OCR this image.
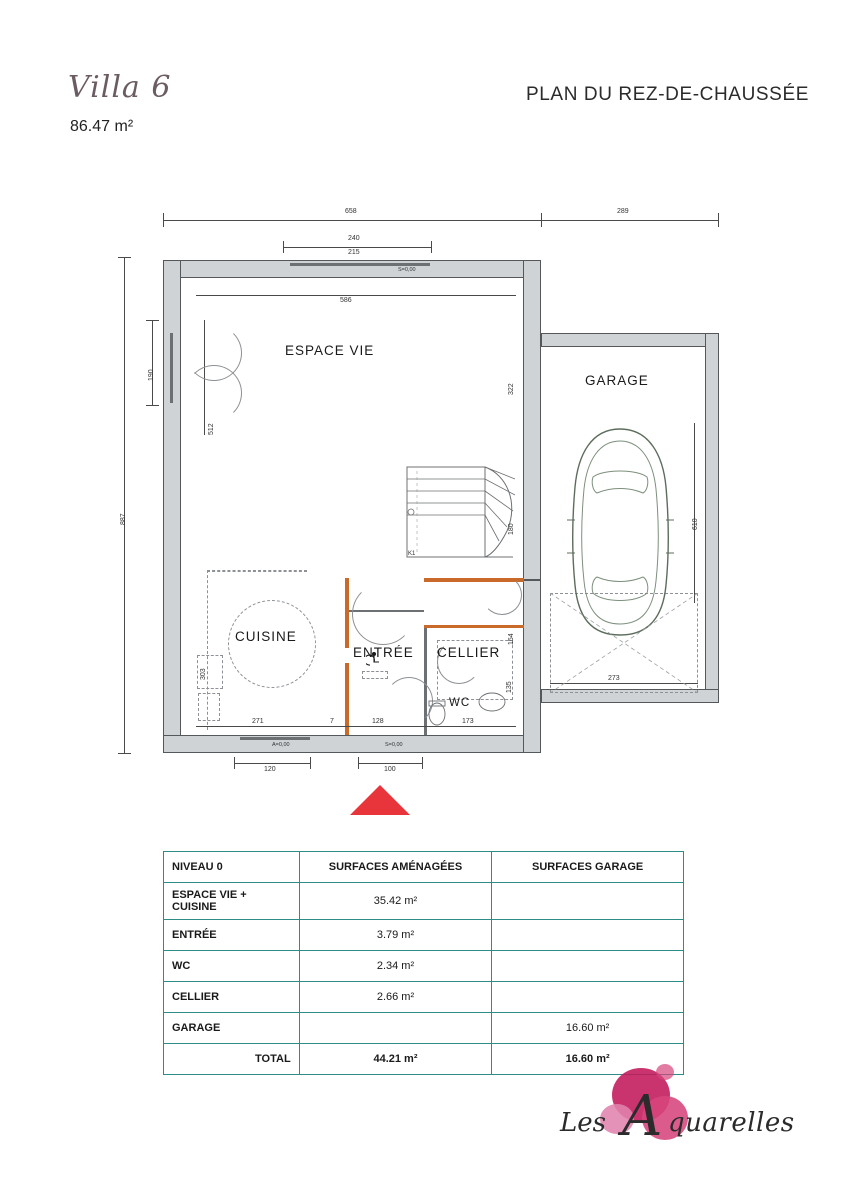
Villa 6
86.47 m²
PLAN DU REZ-DE-CHAUSSÉE
658	289
240
215
887
190
512
303
S=0,00
586
273
610
322
180
K1
135
154
A=0,00	S=0,00
271	7	128	173
120	100
ESPACE VIE
GARAGE
CUISINE
ENTRÉE CELLIER
WC
NIVEAU 0	SURFACES AMÉNAGÉES	SURFACES GARAGE
ESPACE VIE + CUISINE	35.42 m²	
ENTRÉE	3.79 m²	
WC	2.34 m²	
CELLIER	2.66 m²	
GARAGE		16.60 m²
TOTAL	44.21 m²	16.60 m²
Les A quarelles
